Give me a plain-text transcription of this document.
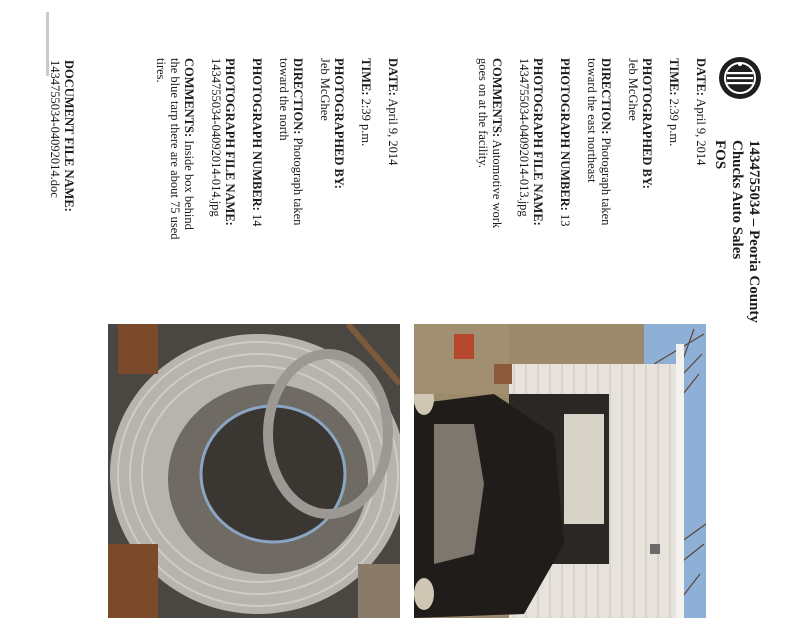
1434755034 – Peoria County
Chucks Auto Sales
FOS
DATE: April 9, 2014
TIME: 2:39 p.m.
PHOTOGRAPHED BY:
Jeb McGhee
DIRECTION: Photograph taken
toward the east northeast
PHOTOGRAPH NUMBER: 13
PHOTOGRAPH FILE NAME:
1434755034-04092014-013.jpg
COMMENTS: Automotive work
goes on at the facility.
DATE: April 9, 2014
TIME: 2:39 p.m.
PHOTOGRAPHED BY:
Jeb McGhee
DIRECTION: Photograph taken
toward the north
PHOTOGRAPH NUMBER: 14
PHOTOGRAPH FILE NAME:
1434755034-04092014-014.jpg
COMMENTS: Inside box behind
the blue tarp there are about 75 used
tires.
DOCUMENT FILE NAME:
1434755034-04092014.doc
